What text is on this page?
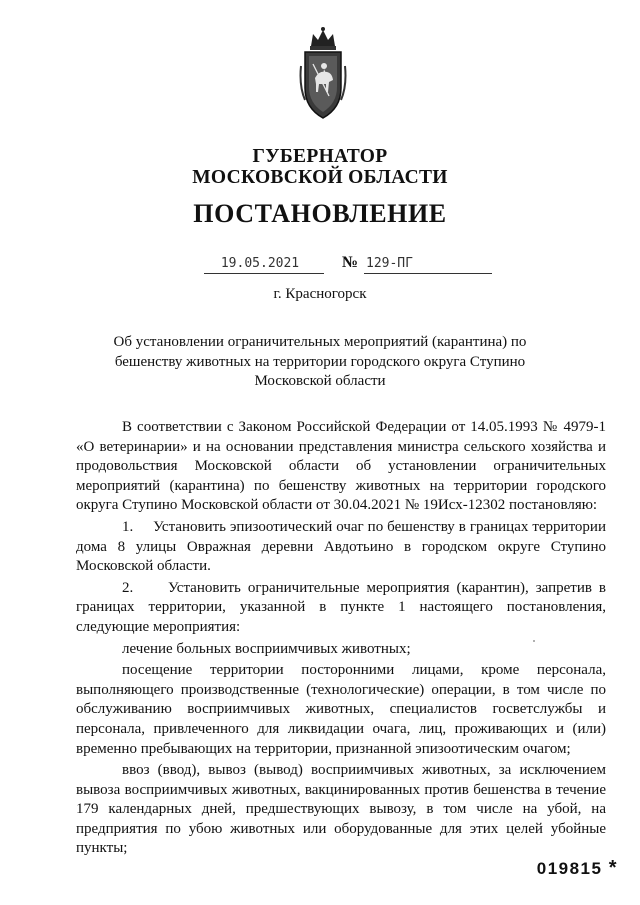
ГУБЕРНАТОР
МОСКОВСКОЙ ОБЛАСТИ
ПОСТАНОВЛЕНИЕ
19.05.2021	№ 129-ПГ
г. Красногорск
Об установлении ограничительных мероприятий (карантина) по бешенству животных на территории городского округа Ступино Московской области

В соответствии с Законом Российской Федерации от 14.05.1993 № 4979-1 «О ветеринарии» и на основании представления министра сельского хозяйства и продовольствия Московской области об установлении ограничительных мероприятий (карантина) по бешенству животных на территории городского округа Ступино Московской области от 30.04.2021 № 19Исх-12302 постановляю:

1.     Установить эпизоотический очаг по бешенству в границах территории дома 8 улицы Овражная деревни Авдотьино в городском округе Ступино Московской области.

2.     Установить ограничительные мероприятия (карантин), запретив в границах территории, указанной в пункте 1 настоящего постановления, следующие мероприятия:

лечение больных восприимчивых животных;

посещение территории посторонними лицами, кроме персонала, выполняющего производственные (технологические) операции, в том числе по обслуживанию восприимчивых животных, специалистов госветслужбы и персонала, привлеченного для ликвидации очага, лиц, проживающих и (или) временно пребывающих на территории, признанной эпизоотическим очагом;

ввоз (ввод), вывоз (вывод) восприимчивых животных, за исключением вывоза восприимчивых животных, вакцинированных против бешенства в течение 179 календарных дней, предшествующих вывозу, в том числе на убой, на предприятия по убою животных или оборудованные для этих целей убойные пункты;

019815 *
